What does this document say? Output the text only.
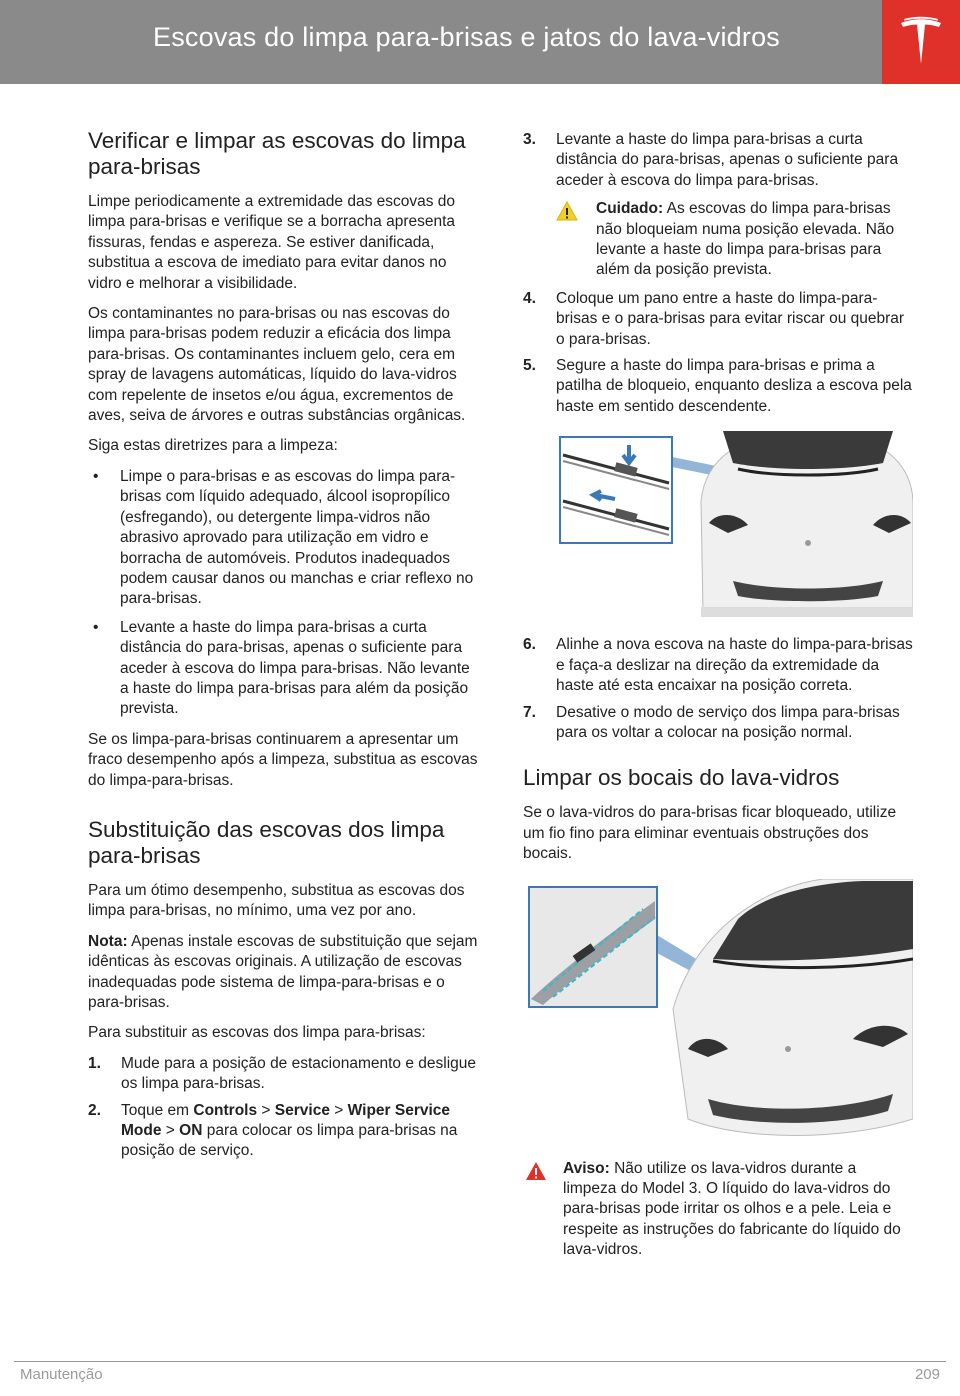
Escovas do limpa para-brisas e jatos do lava-vidros
Verificar e limpar as escovas do limpa para-brisas

Limpe periodicamente a extremidade das escovas do limpa para-brisas e verifique se a borracha apresenta fissuras, fendas e aspereza. Se estiver danificada, substitua a escova de imediato para evitar danos no vidro e melhorar a visibilidade.

Os contaminantes no para-brisas ou nas escovas do limpa para-brisas podem reduzir a eficácia dos limpa para-brisas. Os contaminantes incluem gelo, cera em spray de lavagens automáticas, líquido do lava-vidros com repelente de insetos e/ou água, excrementos de aves, seiva de árvores e outras substâncias orgânicas.

Siga estas diretrizes para a limpeza:

• Limpe o para-brisas e as escovas do limpa para-brisas com líquido adequado, álcool isopropílico (esfregando), ou detergente limpa-vidros não abrasivo aprovado para utilização em vidro e borracha de automóveis. Produtos inadequados podem causar danos ou manchas e criar reflexo no para-brisas.
• Levante a haste do limpa para-brisas a curta distância do para-brisas, apenas o suficiente para aceder à escova do limpa para-brisas. Não levante a haste do limpa para-brisas para além da posição prevista.

Se os limpa-para-brisas continuarem a apresentar um fraco desempenho após a limpeza, substitua as escovas do limpa-para-brisas.

Substituição das escovas dos limpa para-brisas

Para um ótimo desempenho, substitua as escovas dos limpa para-brisas, no mínimo, uma vez por ano.

Nota: Apenas instale escovas de substituição que sejam idênticas às escovas originais. A utilização de escovas inadequadas pode sistema de limpa-para-brisas e o para-brisas.

Para substituir as escovas dos limpa para-brisas:

1. Mude para a posição de estacionamento e desligue os limpa para-brisas.
2. Toque em Controls > Service > Wiper Service Mode > ON para colocar os limpa para-brisas na posição de serviço.
3. Levante a haste do limpa para-brisas a curta distância do para-brisas, apenas o suficiente para aceder à escova do limpa para-brisas.
Cuidado: As escovas do limpa para-brisas não bloqueiam numa posição elevada. Não levante a haste do limpa para-brisas para além da posição prevista.
4. Coloque um pano entre a haste do limpa-para-brisas e o para-brisas para evitar riscar ou quebrar o para-brisas.
5. Segure a haste do limpa para-brisas e prima a patilha de bloqueio, enquanto desliza a escova pela haste em sentido descendente.
6. Alinhe a nova escova na haste do limpa-para-brisas e faça-a deslizar na direção da extremidade da haste até esta encaixar na posição correta.
7. Desative o modo de serviço dos limpa para-brisas para os voltar a colocar na posição normal.
Limpar os bocais do lava-vidros

Se o lava-vidros do para-brisas ficar bloqueado, utilize um fio fino para eliminar eventuais obstruções dos bocais.

Aviso: Não utilize os lava-vidros durante a limpeza do Model 3. O líquido do lava-vidros do para-brisas pode irritar os olhos e a pele. Leia e respeite as instruções do fabricante do líquido do lava-vidros.
Manutenção	209
